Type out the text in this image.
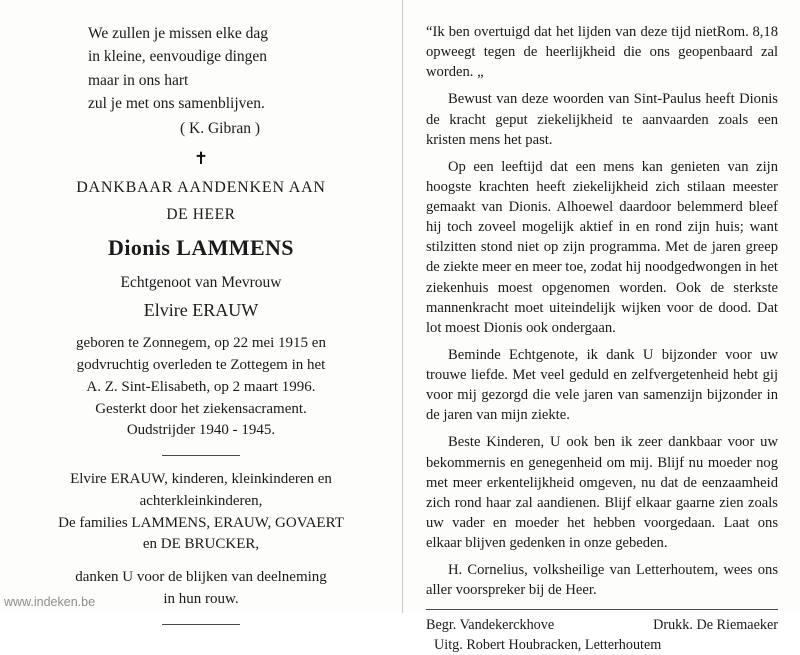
We zullen je missen elke dag
in kleine, eenvoudige dingen
maar in ons hart
zul je met ons samenblijven.
( K. Gibran )
✝
DANKBAAR AANDENKEN AAN
DE HEER
Dionis LAMMENS
Echtgenoot van Mevrouw
Elvire ERAUW
geboren te Zonnegem, op 22 mei 1915 en
godvruchtig overleden te Zottegem in het
A. Z. Sint-Elisabeth, op 2 maart 1996.
Gesterkt door het ziekensacrament.
Oudstrijder 1940 - 1945.
Elvire ERAUW, kinderen, kleinkinderen en
achterkleinkinderen,
De families LAMMENS, ERAUW, GOVAERT
en DE BRUCKER,
danken U voor de blijken van deelneming
in hun rouw.
Rom. 8,18
“Ik ben overtuigd dat het lijden van deze tijd niet opweegt tegen de heerlijkheid die ons geopenbaard zal worden. „
Bewust van deze woorden van Sint-Paulus heeft Dionis de kracht geput ziekelijkheid te aanvaarden zoals een kristen mens het past.
Op een leeftijd dat een mens kan genieten van zijn hoogste krachten heeft ziekelijkheid zich stilaan meester gemaakt van Dionis. Alhoewel daardoor belemmerd bleef hij toch zoveel mogelijk aktief in en rond zijn huis; want stilzitten stond niet op zijn programma. Met de jaren greep de ziekte meer en meer toe, zodat hij noodgedwongen in het ziekenhuis moest opgenomen worden. Ook de sterkste mannenkracht moet uiteindelijk wijken voor de dood. Dat lot moest Dionis ook ondergaan.
Beminde Echtgenote, ik dank U bijzonder voor uw trouwe liefde. Met veel geduld en zelfvergetenheid hebt gij voor mij gezorgd die vele jaren van samenzijn bijzonder in de jaren van mijn ziekte.
Beste Kinderen, U ook ben ik zeer dankbaar voor uw bekommernis en genegenheid om mij. Blijf nu moeder nog met meer erkentelijkheid omgeven, nu dat de eenzaamheid zich rond haar zal aandienen. Blijf elkaar gaarne zien zoals uw vader en moeder het hebben voorgedaan. Laat ons elkaar blijven gedenken in onze gebeden.
H. Cornelius, volksheilige van Letterhoutem, wees ons aller voorspreker bij de Heer.
Begr. Vandekerckhove	Drukk. De Riemaeker
Uitg. Robert Houbracken, Letterhoutem
www.indeken.be
